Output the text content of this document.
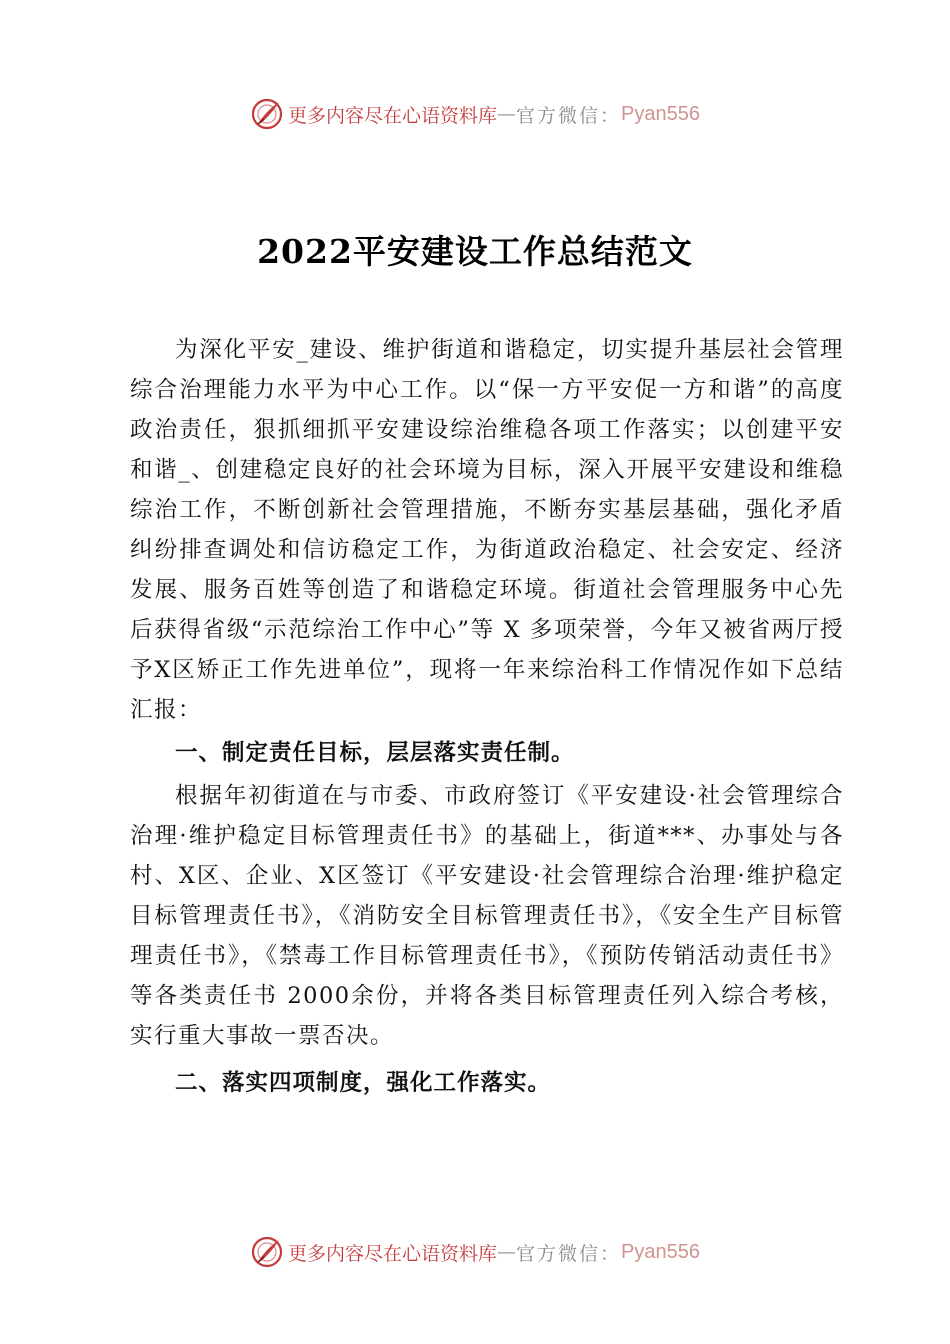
更多内容尽在心语资料库 — 官方微信： Pyan556
2022平安建设工作总结范文

为深化平安_建设、维护街道和谐稳定，切实提升基层社会管理综合治理能力水平为中心工作。以“保一方平安促一方和谐”的高度政治责任，狠抓细抓平安建设综治维稳各项工作落实；以创建平安和谐_、创建稳定良好的社会环境为目标，深入开展平安建设和维稳综治工作，不断创新社会管理措施，不断夯实基层基础，强化矛盾纠纷排查调处和信访稳定工作，为街道政治稳定、社会安定、经济发展、服务百姓等创造了和谐稳定环境。街道社会管理服务中心先后获得省级“示范综治工作中心”等 X 多项荣誉，今年又被省两厅授予X区矫正工作先进单位”，现将一年来综治科工作情况作如下总结汇报：

一、制定责任目标，层层落实责任制。

根据年初街道在与市委、市政府签订《平安建设·社会管理综合治理·维护稳定目标管理责任书》的基础上，街道***、办事处与各村、X区、企业、X区签订《平安建设·社会管理综合治理·维护稳定目标管理责任书》，《消防安全目标管理责任书》，《安全生产目标管理责任书》，《禁毒工作目标管理责任书》，《预防传销活动责任书》等各类责任书 2000余份，并将各类目标管理责任列入综合考核，实行重大事故一票否决。

二、落实四项制度，强化工作落实。
更多内容尽在心语资料库 — 官方微信： Pyan556
